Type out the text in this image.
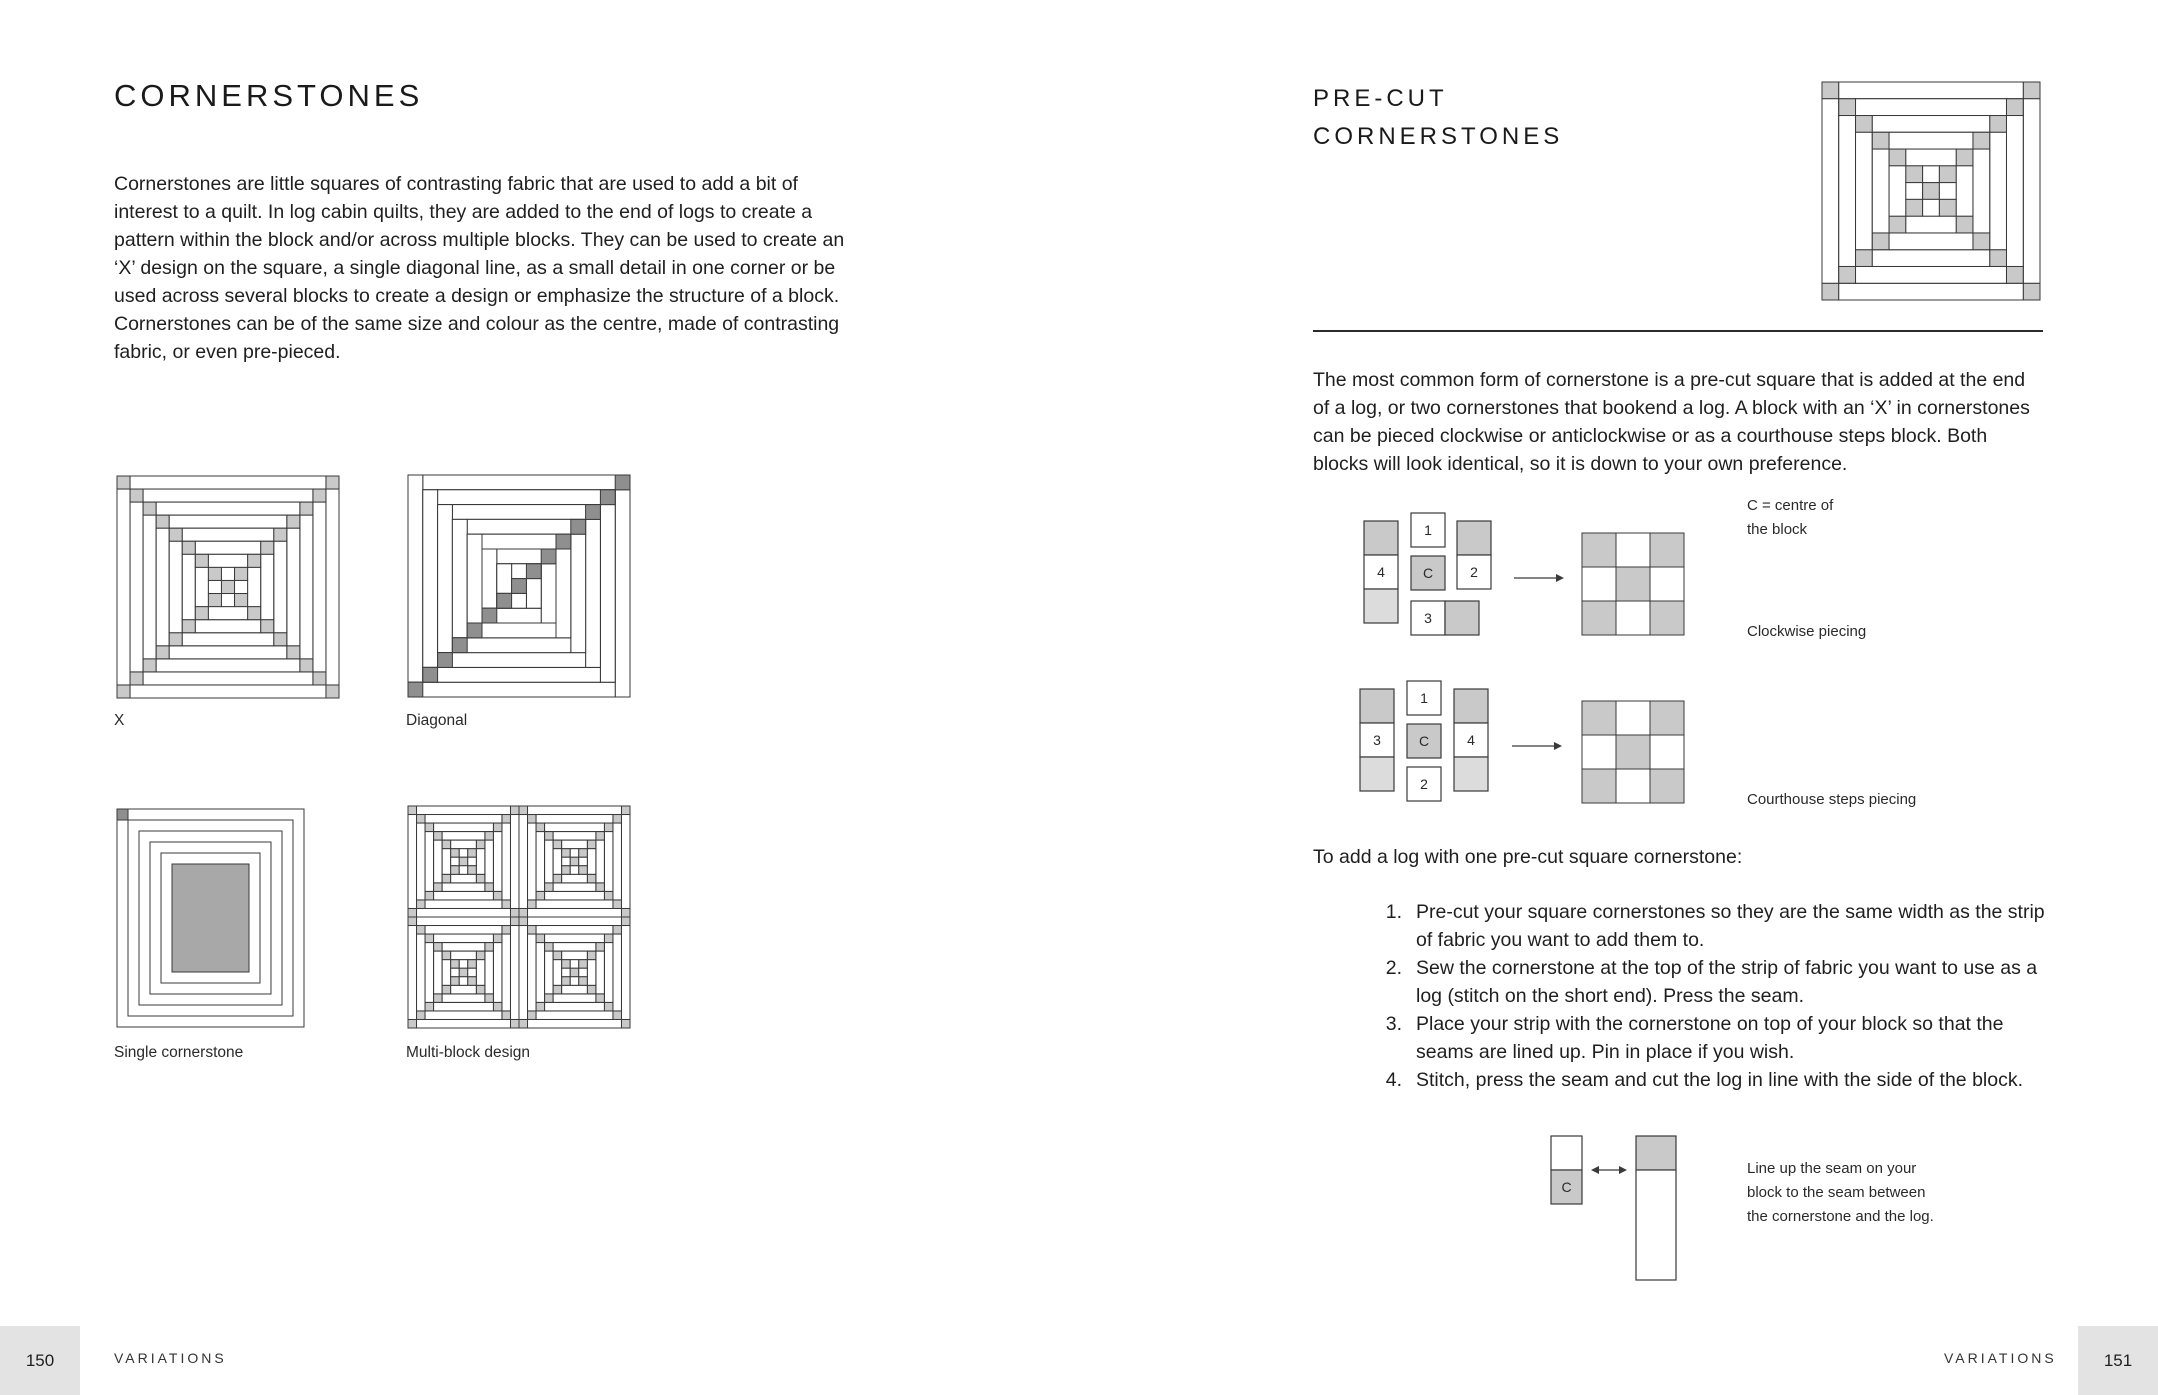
CORNERSTONES
Cornerstones are little squares of contrasting fabric that are used to add a bit of
interest to a quilt. In log cabin quilts, they are added to the end of logs to create a
pattern within the block and/or across multiple blocks. They can be used to create an
‘X’ design on the square, a single diagonal line, as a small detail in one corner or be
used across several blocks to create a design or emphasize the structure of a block.
Cornerstones can be of the same size and colour as the centre, made of contrasting
fabric, or even pre-pieced.
X	Diagonal
Single cornerstone	Multi-block design
150	VARIATIONS
PRE-CUT
CORNERSTONES
The most common form of cornerstone is a pre-cut square that is added at the end
of a log, or two cornerstones that bookend a log. A block with an ‘X’ in cornerstones
can be pieced clockwise or anticlockwise or as a courthouse steps block. Both
blocks will look identical, so it is down to your own preference.
4
1
C
3
2
3
1
C
2
4
C = centre of
the block
Clockwise piecing
Courthouse steps piecing
To add a log with one pre-cut square cornerstone:
1. Pre-cut your square cornerstones so they are the same width as the strip
of fabric you want to add them to.
2. Sew the cornerstone at the top of the strip of fabric you want to use as a
log (stitch on the short end). Press the seam.
3. Place your strip with the cornerstone on top of your block so that the
seams are lined up. Pin in place if you wish.
4. Stitch, press the seam and cut the log in line with the side of the block.
C
Line up the seam on your
block to the seam between
the cornerstone and the log.
VARIATIONS	151
